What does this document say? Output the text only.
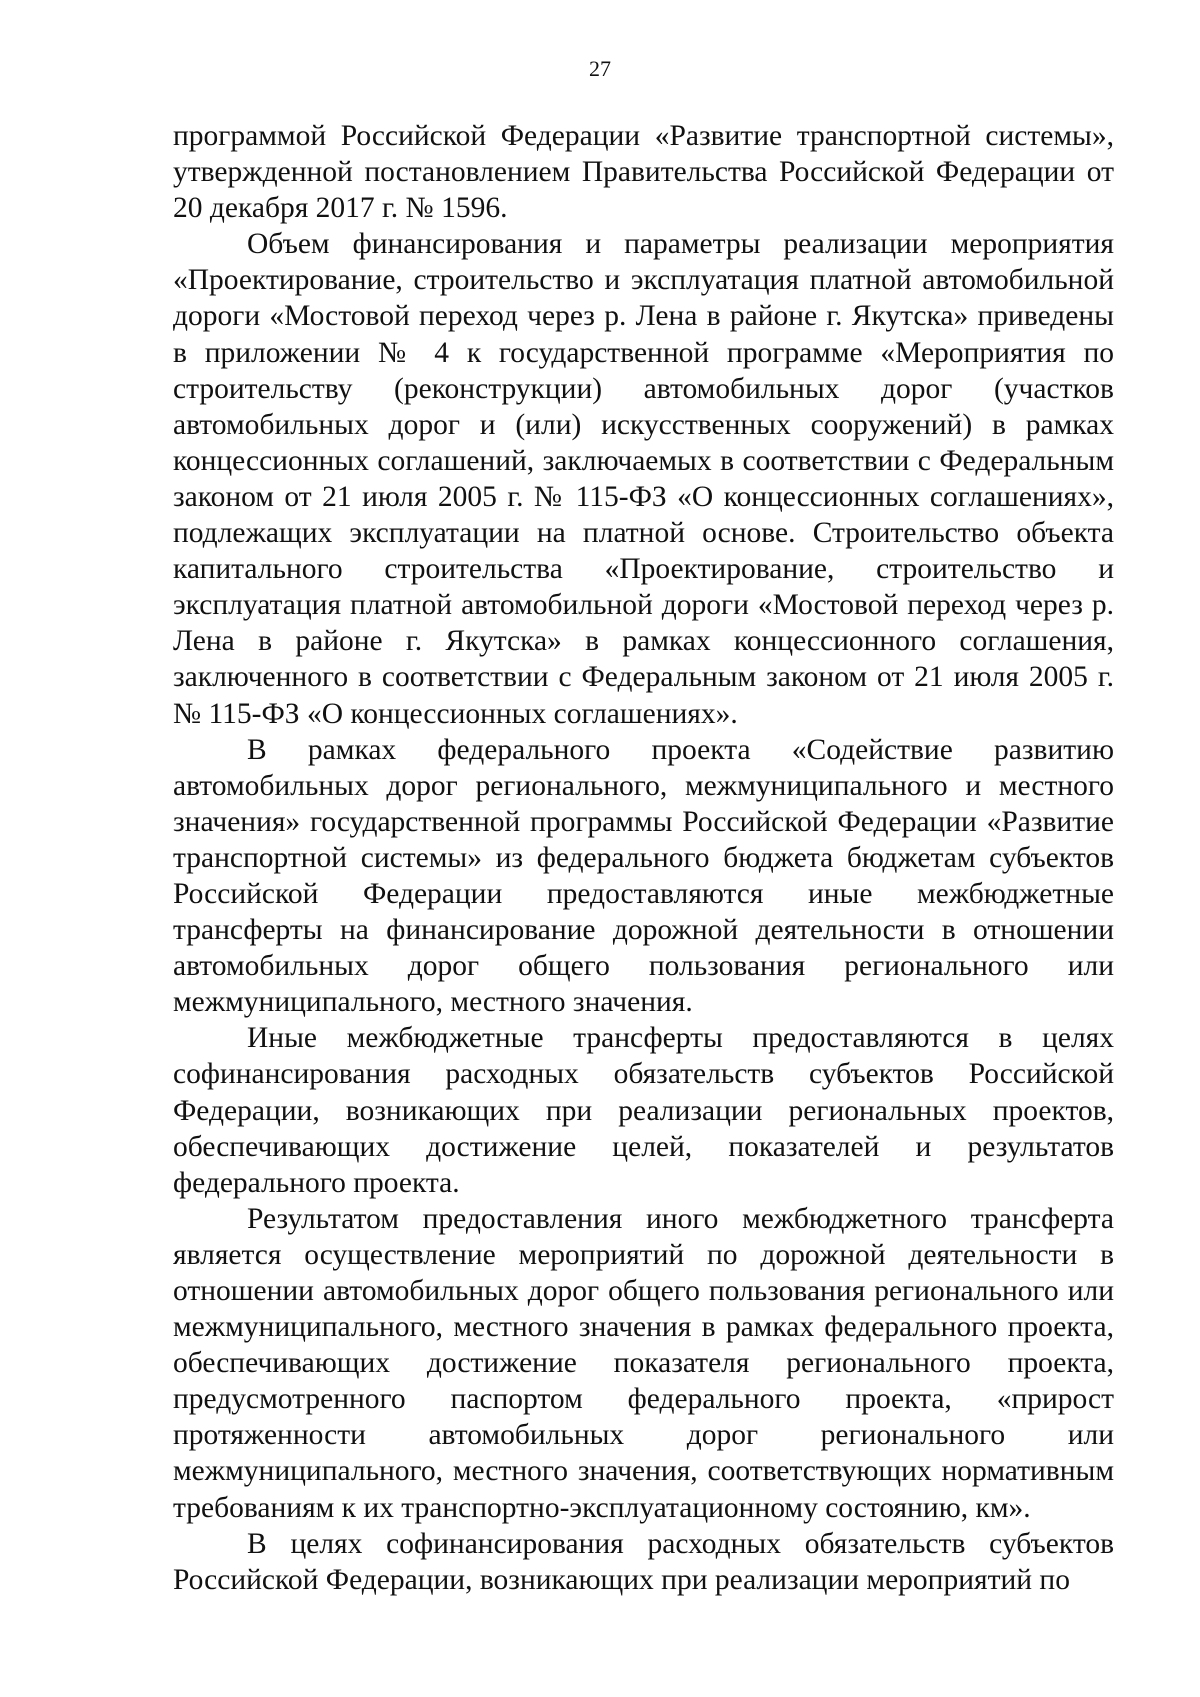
27

программой Российской Федерации «Развитие транспортной системы», утвержденной постановлением Правительства Российской Федерации от 20 декабря 2017 г. № 1596.

Объем финансирования и параметры реализации мероприятия «Проектирование, строительство и эксплуатация платной автомобильной дороги «Мостовой переход через р. Лена в районе г. Якутска» приведены в приложении № 4 к государственной программе «Мероприятия по строительству (реконструкции) автомобильных дорог (участков автомобильных дорог и (или) искусственных сооружений) в рамках концессионных соглашений, заключаемых в соответствии с Федеральным законом от 21 июля 2005 г. № 115-ФЗ «О концессионных соглашениях», подлежащих эксплуатации на платной основе. Строительство объекта капитального строительства «Проектирование, строительство и эксплуатация платной автомобильной дороги «Мостовой переход через р. Лена в районе г. Якутска» в рамках концессионного соглашения, заключенного в соответствии с Федеральным законом от 21 июля 2005 г. № 115-ФЗ «О концессионных соглашениях».

В рамках федерального проекта «Содействие развитию автомобильных дорог регионального, межмуниципального и местного значения» государственной программы Российской Федерации «Развитие транспортной системы» из федерального бюджета бюджетам субъектов Российской Федерации предоставляются иные межбюджетные трансферты на финансирование дорожной деятельности в отношении автомобильных дорог общего пользования регионального или межмуниципального, местного значения.

Иные межбюджетные трансферты предоставляются в целях софинансирования расходных обязательств субъектов Российской Федерации, возникающих при реализации региональных проектов, обеспечивающих достижение целей, показателей и результатов федерального проекта.

Результатом предоставления иного межбюджетного трансферта является осуществление мероприятий по дорожной деятельности в отношении автомобильных дорог общего пользования регионального или межмуниципального, местного значения в рамках федерального проекта, обеспечивающих достижение показателя регионального проекта, предусмотренного паспортом федерального проекта, «прирост протяженности автомобильных дорог регионального или межмуниципального, местного значения, соответствующих нормативным требованиям к их транспортно-эксплуатационному состоянию, км».

В целях софинансирования расходных обязательств субъектов Российской Федерации, возникающих при реализации мероприятий по
